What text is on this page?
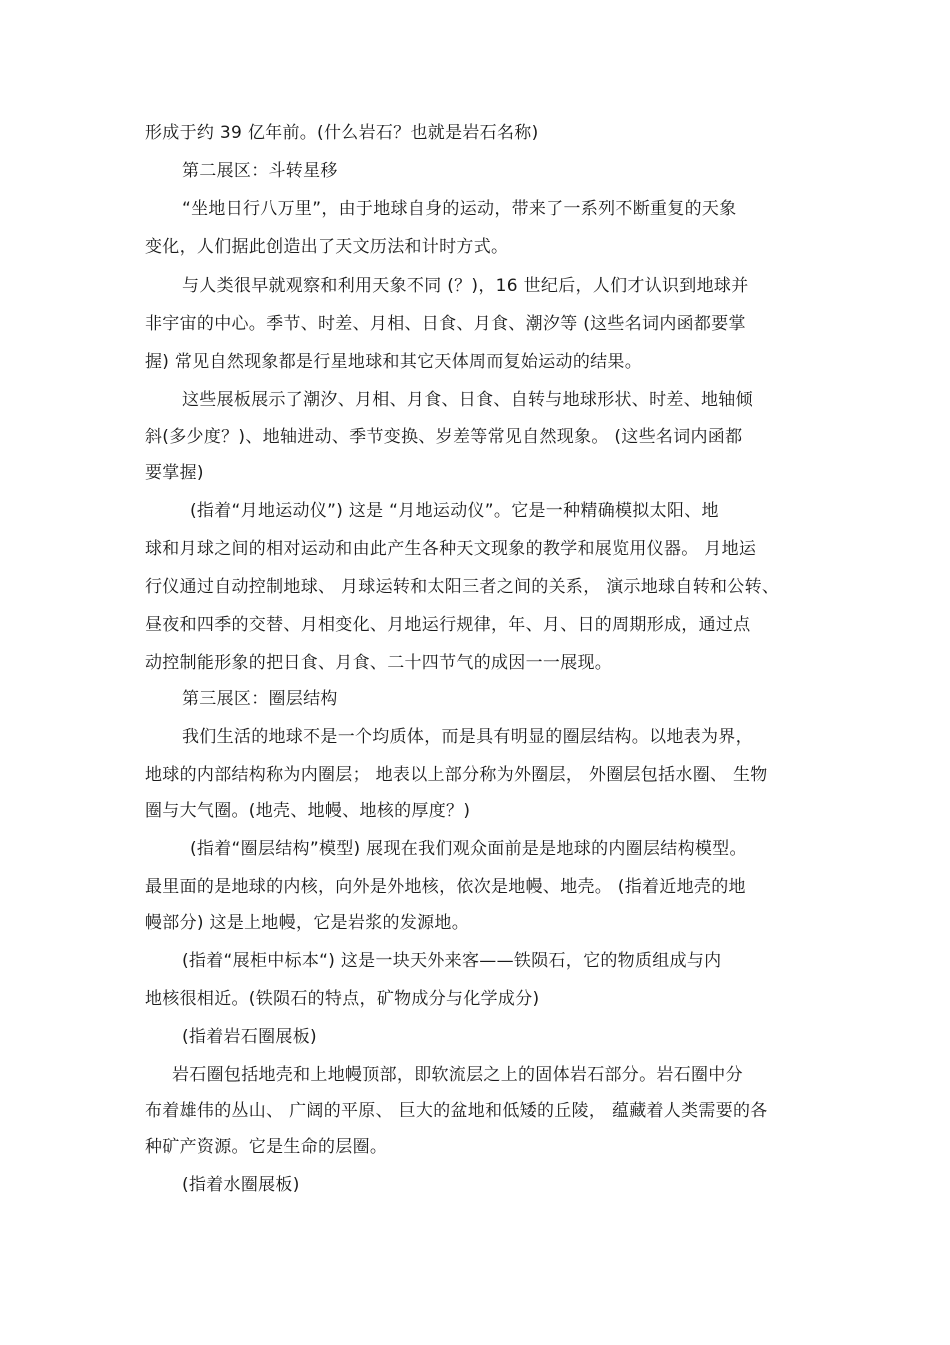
形成于约 39 亿年前。(什么岩石？也就是岩石名称)
第二展区：斗转星移
“坐地日行八万里”，由于地球自身的运动，带来了一系列不断重复的天象
变化，人们据此创造出了天文历法和计时方式。
与人类很早就观察和利用天象不同 (？)，16 世纪后，人们才认识到地球并
非宇宙的中心。季节、时差、月相、日食、月食、潮汐等 (这些名词内函都要掌
握) 常见自然现象都是行星地球和其它天体周而复始运动的结果。
这些展板展示了潮汐、月相、月食、日食、自转与地球形状、时差、地轴倾
斜(多少度？)、地轴进动、季节变换、岁差等常见自然现象。 (这些名词内函都
要掌握)
(指着“月地运动仪”) 这是 “月地运动仪”。它是一种精确模拟太阳、地
球和月球之间的相对运动和由此产生各种天文现象的教学和展览用仪器。 月地运
行仪通过自动控制地球、 月球运转和太阳三者之间的关系， 演示地球自转和公转、
昼夜和四季的交替、月相变化、月地运行规律，年、月、日的周期形成，通过点
动控制能形象的把日食、月食、二十四节气的成因一一展现。
第三展区：圈层结构
我们生活的地球不是一个均质体，而是具有明显的圈层结构。以地表为界，
地球的内部结构称为内圈层； 地表以上部分称为外圈层， 外圈层包括水圈、 生物
圈与大气圈。(地壳、地幔、地核的厚度？)
(指着“圈层结构”模型) 展现在我们观众面前是是地球的内圈层结构模型。
最里面的是地球的内核，向外是外地核，依次是地幔、地壳。 (指着近地壳的地
幔部分) 这是上地幔，它是岩浆的发源地。
(指着“展柜中标本“) 这是一块天外来客——铁陨石，它的物质组成与内
地核很相近。(铁陨石的特点，矿物成分与化学成分)
(指着岩石圈展板)
岩石圈包括地壳和上地幔顶部，即软流层之上的固体岩石部分。岩石圈中分
布着雄伟的丛山、 广阔的平原、 巨大的盆地和低矮的丘陵， 蕴藏着人类需要的各
种矿产资源。它是生命的层圈。
(指着水圈展板)
